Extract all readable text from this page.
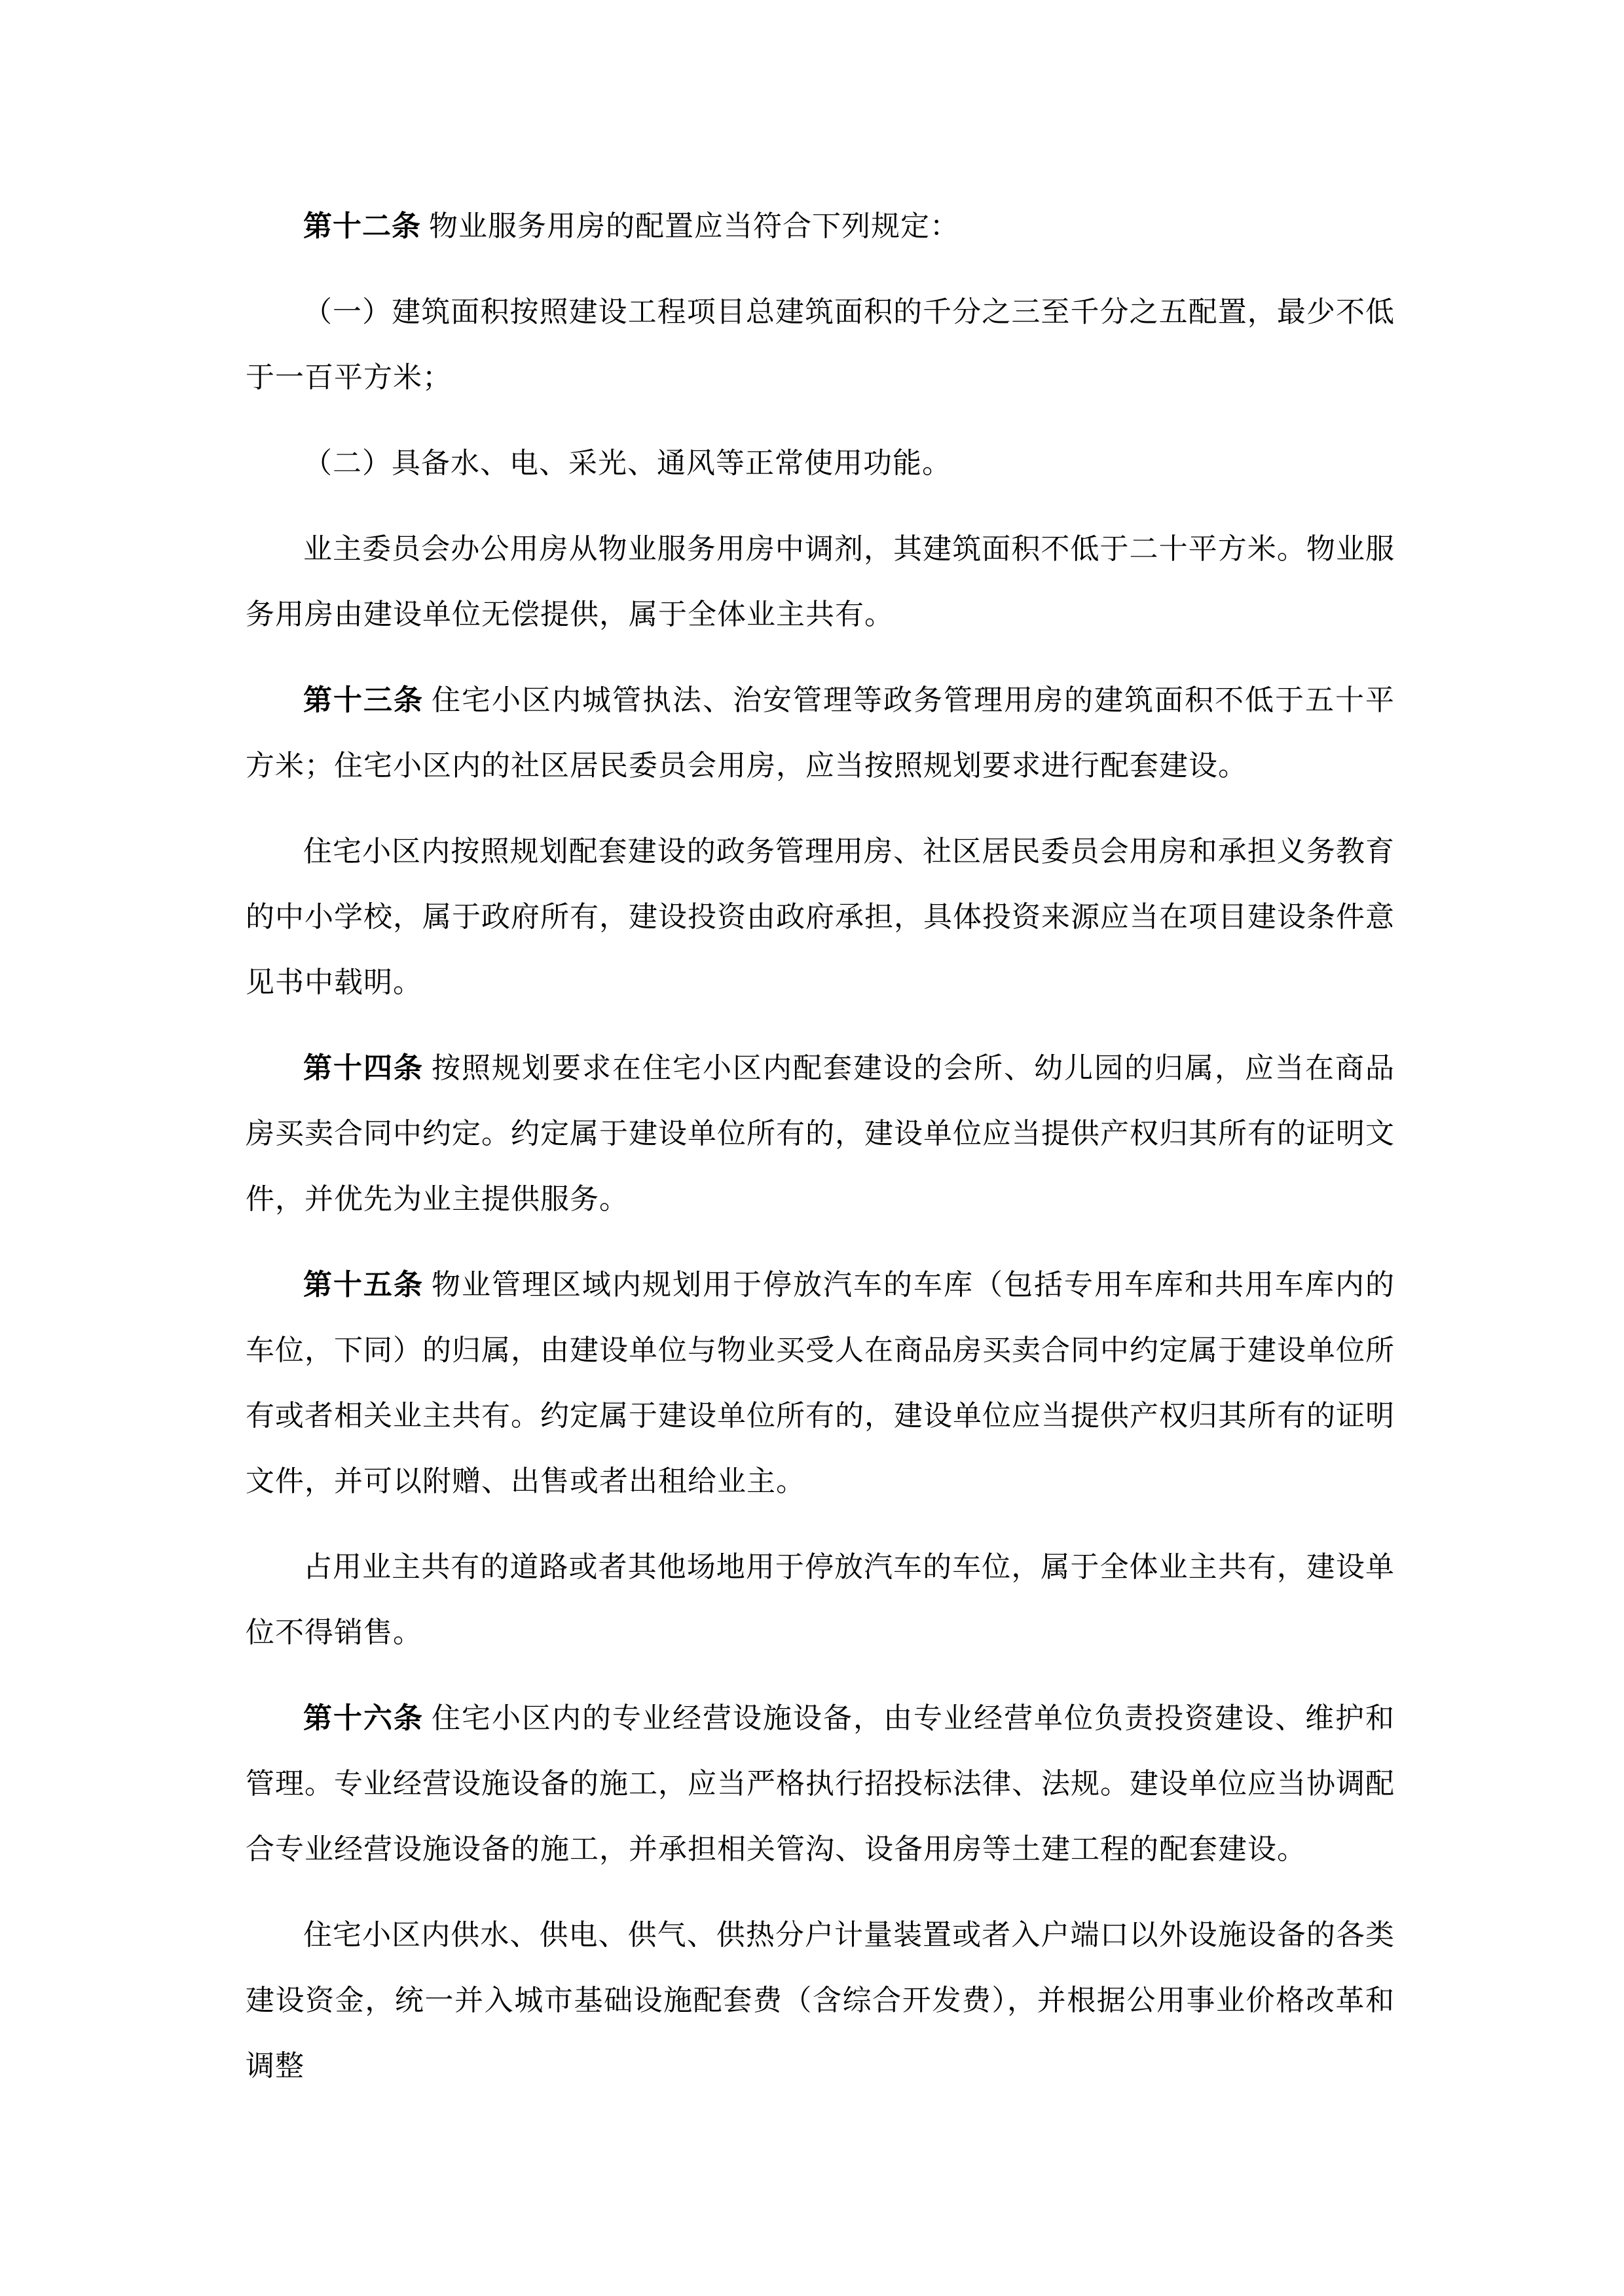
第十二条 物业服务用房的配置应当符合下列规定：

（一）建筑面积按照建设工程项目总建筑面积的千分之三至千分之五配置，最少不低于一百平方米；

（二）具备水、电、采光、通风等正常使用功能。

业主委员会办公用房从物业服务用房中调剂，其建筑面积不低于二十平方米。物业服务用房由建设单位无偿提供，属于全体业主共有。

第十三条 住宅小区内城管执法、治安管理等政务管理用房的建筑面积不低于五十平方米；住宅小区内的社区居民委员会用房，应当按照规划要求进行配套建设。

住宅小区内按照规划配套建设的政务管理用房、社区居民委员会用房和承担义务教育的中小学校，属于政府所有，建设投资由政府承担，具体投资来源应当在项目建设条件意见书中载明。

第十四条 按照规划要求在住宅小区内配套建设的会所、幼儿园的归属，应当在商品房买卖合同中约定。约定属于建设单位所有的，建设单位应当提供产权归其所有的证明文件，并优先为业主提供服务。

第十五条 物业管理区域内规划用于停放汽车的车库（包括专用车库和共用车库内的车位，下同）的归属，由建设单位与物业买受人在商品房买卖合同中约定属于建设单位所有或者相关业主共有。约定属于建设单位所有的，建设单位应当提供产权归其所有的证明文件，并可以附赠、出售或者出租给业主。

占用业主共有的道路或者其他场地用于停放汽车的车位，属于全体业主共有，建设单位不得销售。

第十六条 住宅小区内的专业经营设施设备，由专业经营单位负责投资建设、维护和管理。专业经营设施设备的施工，应当严格执行招投标法律、法规。建设单位应当协调配合专业经营设施设备的施工，并承担相关管沟、设备用房等土建工程的配套建设。

住宅小区内供水、供电、供气、供热分户计量装置或者入户端口以外设施设备的各类建设资金，统一并入城市基础设施配套费（含综合开发费），并根据公用事业价格改革和调整
